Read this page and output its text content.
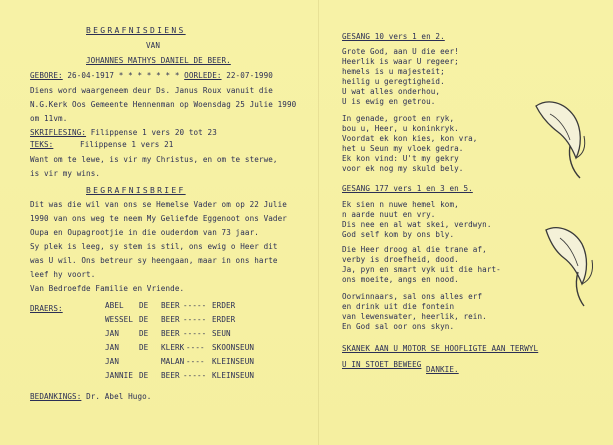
BEGRAFNISDIENS
VAN
JOHANNES MATHYS DANIEL DE BEER.
GEBORE: 26-04-1917 * * * * * * * OORLEDE: 22-07-1990
Diens word waargeneem deur Ds. Janus Roux vanuit die
N.G.Kerk Oos Gemeente Hennenman op Woensdag 25 Julie 1990
om 11vm.
SKRIFLESING: Filippense 1 vers 20 tot 23
TEKS:	Filippense 1 vers 21
Want om te lewe, is vir my Christus, en om te sterwe,
is vir my wins.
BEGRAFNISBRIEF
Dit was die wil van ons se Hemelse Vader om op 22 Julie
1990 van ons weg te neem My Geliefde Eggenoot ons Vader
Oupa en Oupagrootjie in die ouderdom van 73 jaar.
Sy plek is leeg, sy stem is stil, ons ewig o Heer dit
was U wil. Ons betreur sy heengaan, maar in ons harte
leef hy voort.
Van Bedroefde Familie en Vriende.
DRAERS:	ABEL DE BEER ----- ERDER
WESSEL DE BEER ----- ERDER
JAN	DE BEER ----- SEUN
JAN	DE KLERK ---- SKOONSEUN
JAN	MALAN ---- KLEINSEUN
JANNIE DE BEER ----- KLEINSEUN
BEDANKINGS: Dr. Abel Hugo.
GESANG 10 vers 1 en 2.
Grote God, aan U die eer!
Heerlik is waar U regeer;
hemels is u majesteit;
heilig u geregtigheid.
U wat alles onderhou,
U is ewig en getrou.
In genade, groot en ryk,
bou u, Heer, u koninkryk.
Voordat ek kon kies, kon vra,
het u Seun my vloek gedra.
Ek kon vind: U't my gekry
voor ek nog my skuld bely.
GESANG 177 vers 1 en 3 en 5.
Ek sien n nuwe hemel kom,
n aarde nuut en vry.
Dis nee en al wat skei, verdwyn.
God self kom by ons bly.
Die Heer droog al die trane af,
verby is droefheid, dood.
Ja, pyn en smart vyk uit die hart-
ons moeite, angs en nood.
Oorwinnaars, sal ons alles erf
en drink uit die fontein
van lewenswater, heerlik, rein.
En God sal oor ons skyn.
SKANEK AAN U MOTOR SE HOOFLIGTE AAN TERWYL
U IN STOET BEWEEG
DANKIE.
